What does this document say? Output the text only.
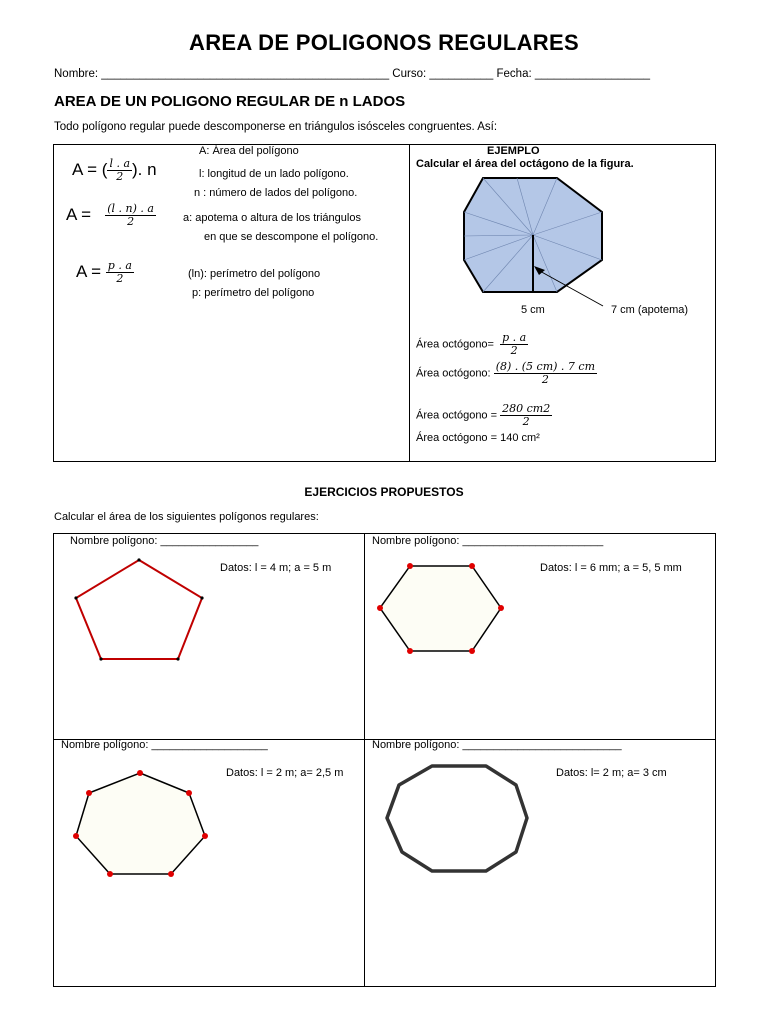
AREA DE POLIGONOS REGULARES
Nombre: _____________________________________________ Curso: __________ Fecha: __________________
AREA DE UN POLIGONO REGULAR DE n LADOS
Todo polígono regular puede descomponerse en triángulos isósceles congruentes. Así:
A = ( $\frac{l . a}{2}$ ). n
$A = \frac{(l . n) . a}{2}$
$A = \frac{p . a}{2}$
A: Área del polígono
l: longitud de un lado polígono.
n : número de lados del polígono.
a: apotema o altura de los triángulos
en que se descompone el polígono.
(ln): perímetro del polígono
p: perímetro del polígono
EJEMPLO
Calcular el área del octágono de la figura.
5 cm	7 cm (apotema)
Área octógono= $\frac{p . a}{2}$
Área octógono: $\frac{(8) . (5 cm) . 7 cm}{2}$
Área octógono = $\frac{280 cm2}{2}$
Área octógono = 140 cm²
EJERCICIOS PROPUESTOS
Calcular el área de los siguientes polígonos regulares:
Nombre polígono: ________________
Datos: l = 4 m; a = 5 m
Nombre polígono: _______________________
Datos: l = 6 mm; a = 5, 5 mm
Nombre polígono: ___________________
Datos: l = 2 m; a= 2,5 m
Nombre polígono: __________________________
Datos: l= 2 m; a= 3 cm
